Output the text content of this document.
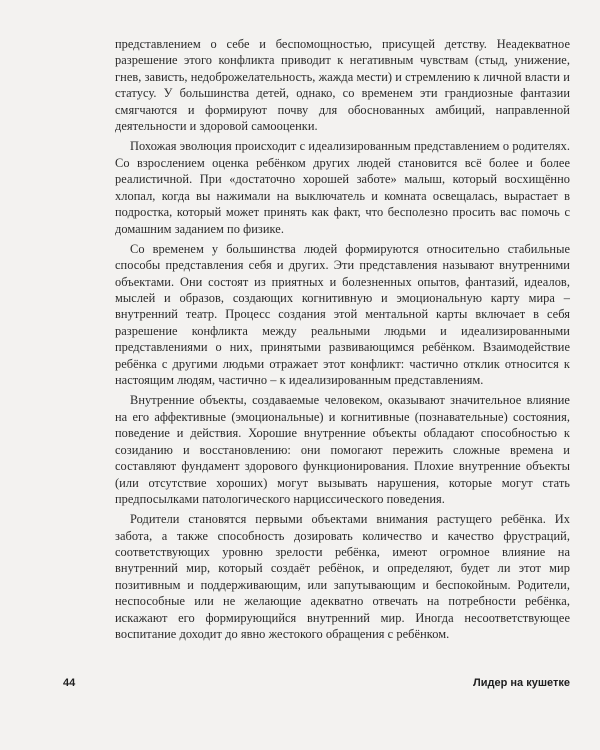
представлением о себе и беспомощностью, присущей детству. Неадекватное разрешение этого конфликта приводит к негативным чувствам (стыд, унижение, гнев, зависть, недоброжелательность, жажда мести) и стремлению к личной власти и статусу. У большинства детей, однако, со временем эти грандиозные фантазии смягчаются и формируют почву для обоснованных амбиций, направленной деятельности и здоровой самооценки.

Похожая эволюция происходит с идеализированным представлением о родителях. Со взрослением оценка ребёнком других людей становится всё более и более реалистичной. При «достаточно хорошей заботе» малыш, который восхищённо хлопал, когда вы нажимали на выключатель и комната освещалась, вырастает в подростка, который может принять как факт, что бесполезно просить вас помочь с домашним заданием по физике.

Со временем у большинства людей формируются относительно стабильные способы представления себя и других. Эти представления называют внутренними объектами. Они состоят из приятных и болезненных опытов, фантазий, идеалов, мыслей и образов, создающих когнитивную и эмоциональную карту мира – внутренний театр. Процесс создания этой ментальной карты включает в себя разрешение конфликта между реальными людьми и идеализированными представлениями о них, принятыми развивающимся ребёнком. Взаимодействие ребёнка с другими людьми отражает этот конфликт: частично отклик относится к настоящим людям, частично – к идеализированным представлениям.

Внутренние объекты, создаваемые человеком, оказывают значительное влияние на его аффективные (эмоциональные) и когнитивные (познавательные) состояния, поведение и действия. Хорошие внутренние объекты обладают способностью к созиданию и восстановлению: они помогают пережить сложные времена и составляют фундамент здорового функционирования. Плохие внутренние объекты (или отсутствие хороших) могут вызывать нарушения, которые могут стать предпосылками патологического нарциссического поведения.

Родители становятся первыми объектами внимания растущего ребёнка. Их забота, а также способность дозировать количество и качество фрустраций, соответствующих уровню зрелости ребёнка, имеют огромное влияние на внутренний мир, который создаёт ребёнок, и определяют, будет ли этот мир позитивным и поддерживающим, или запутывающим и беспокойным. Родители, неспособные или не желающие адекватно отвечать на потребности ребёнка, искажают его формирующийся внутренний мир. Иногда несоответствующее воспитание доходит до явно жестокого обращения с ребёнком.

44	Лидер на кушетке
